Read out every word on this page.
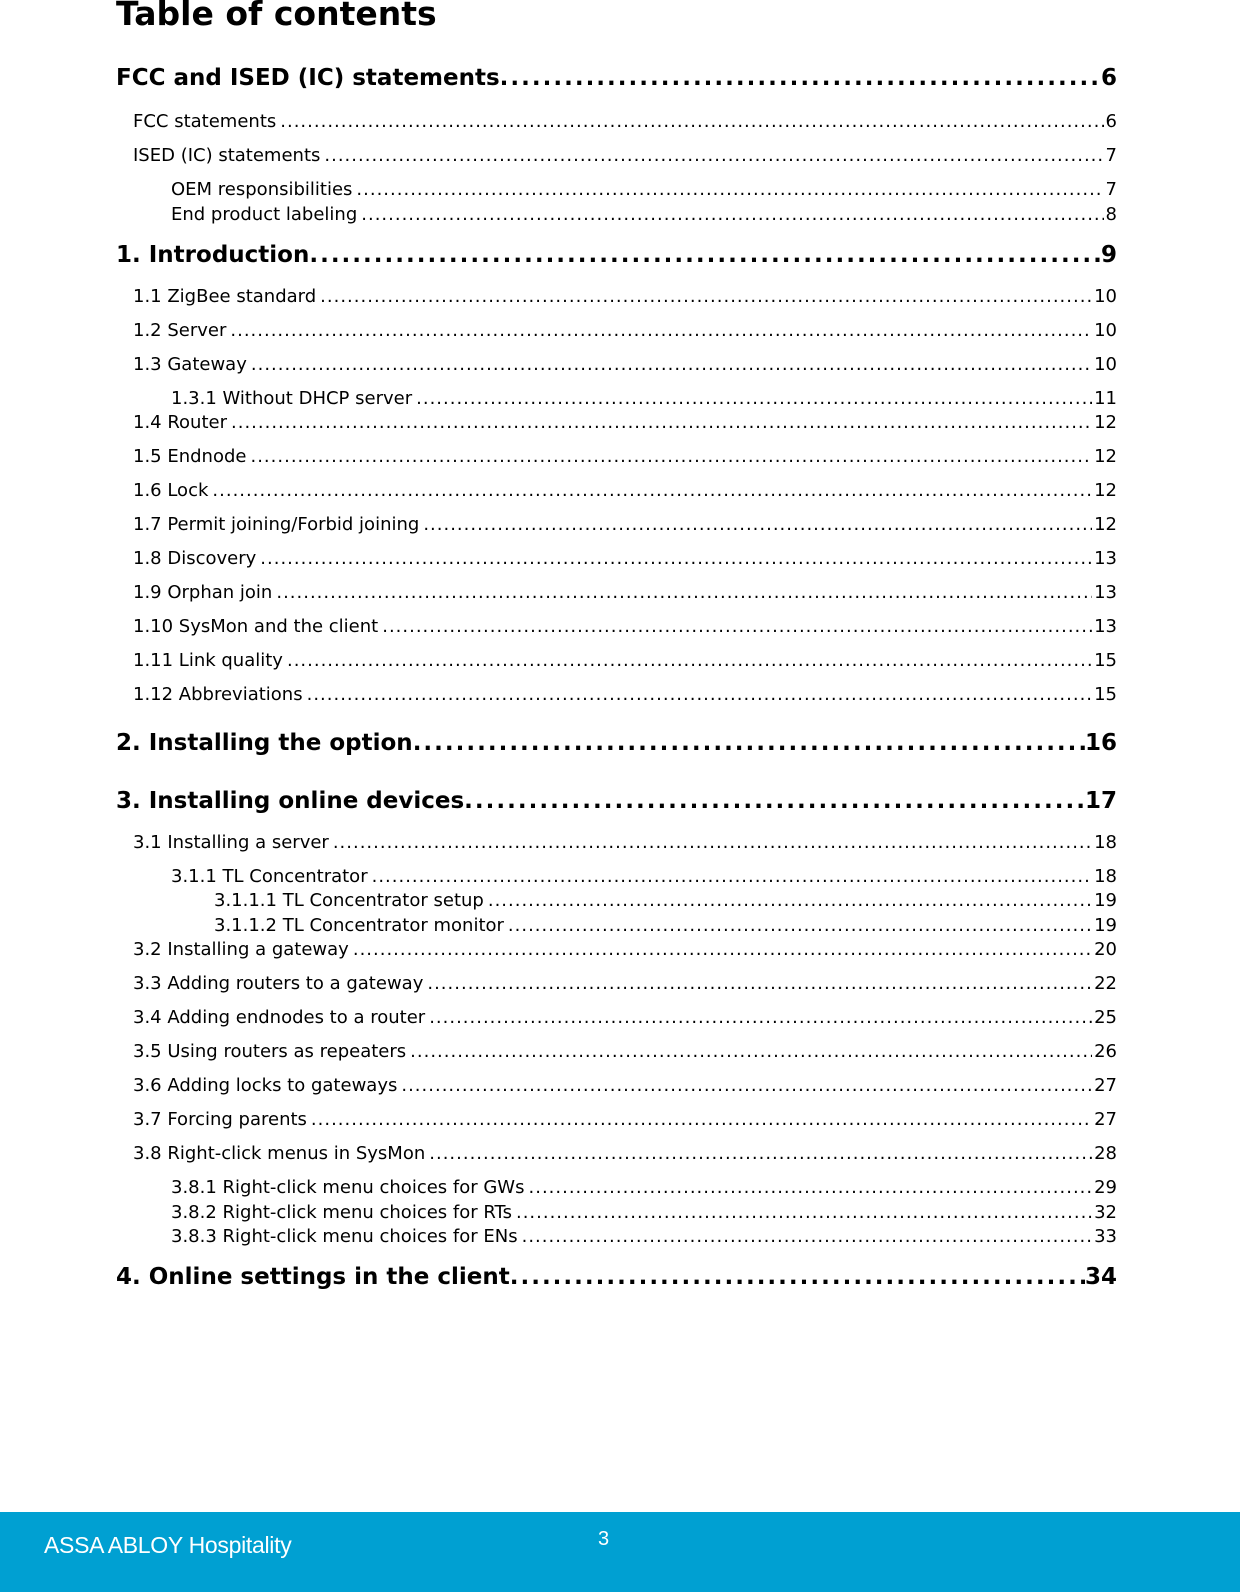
Table of contents
FCC and ISED (IC) statements .....	6
FCC statements .....	6
ISED (IC) statements .....	7
OEM responsibilities .....	7
End product labeling .....	8
1. Introduction .....	9
1.1 ZigBee standard .....	10
1.2 Server .....	10
1.3 Gateway .....	10
1.3.1 Without DHCP server .....	11
1.4 Router .....	12
1.5 Endnode .....	12
1.6 Lock .....	12
1.7 Permit joining/Forbid joining .....	12
1.8 Discovery .....	13
1.9 Orphan join .....	13
1.10 SysMon and the client .....	13
1.11 Link quality .....	15
1.12 Abbreviations .....	15
2. Installing the option .....	16
3. Installing online devices .....	17
3.1 Installing a server .....	18
3.1.1 TL Concentrator .....	18
3.1.1.1 TL Concentrator setup .....	19
3.1.1.2 TL Concentrator monitor .....	19
3.2 Installing a gateway .....	20
3.3 Adding routers to a gateway .....	22
3.4 Adding endnodes to a router .....	25
3.5 Using routers as repeaters .....	26
3.6 Adding locks to gateways .....	27
3.7 Forcing parents .....	27
3.8 Right-click menus in SysMon .....	28
3.8.1 Right-click menu choices for GWs .....	29
3.8.2 Right-click menu choices for RTs .....	32
3.8.3 Right-click menu choices for ENs .....	33
4. Online settings in the client .....	34
ASSA ABLOY Hospitality	3
